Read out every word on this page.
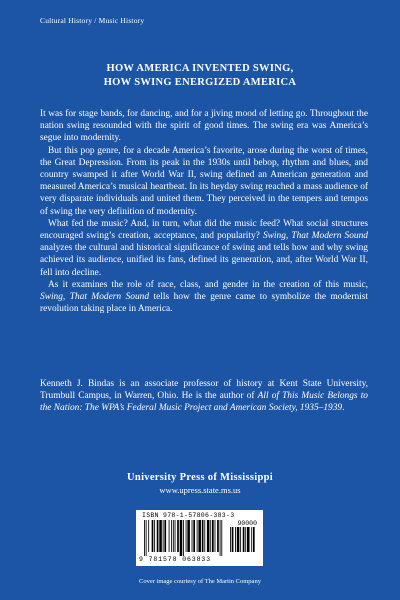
Cultural History / Music History
HOW AMERICA INVENTED SWING,
HOW SWING ENERGIZED AMERICA

It was for stage bands, for dancing, and for a jiving mood of letting go. Throughout the nation swing resounded with the spirit of good times. The swing era was America’s segue into modernity.

But this pop genre, for a decade America’s favorite, arose during the worst of times, the Great Depression. From its peak in the 1930s until bebop, rhythm and blues, and country swamped it after World War II, swing defined an American generation and measured America’s musical heartbeat. In its heyday swing reached a mass audience of very disparate individuals and united them. They perceived in the tempers and tempos of swing the very definition of modernity.

What fed the music? And, in turn, what did the music feed? What social structures encouraged swing’s creation, acceptance, and popularity? Swing, That Modern Sound analyzes the cultural and historical significance of swing and tells how and why swing achieved its audience, unified its fans, defined its generation, and, after World War II, fell into decline.

As it examines the role of race, class, and gender in the creation of this music, Swing, That Modern Sound tells how the genre came to symbolize the modernist revolution taking place in America.

Kenneth J. Bindas is an associate professor of history at Kent State University, Trumbull Campus, in Warren, Ohio. He is the author of All of This Music Belongs to the Nation: The WPA’s Federal Music Project and American Society, 1935–1939.

University Press of Mississippi
www.upress.state.ms.us
ISBN 978-1-57806-383-3
90000
9 781578 063833
Cover image courtesy of The Martin Company
